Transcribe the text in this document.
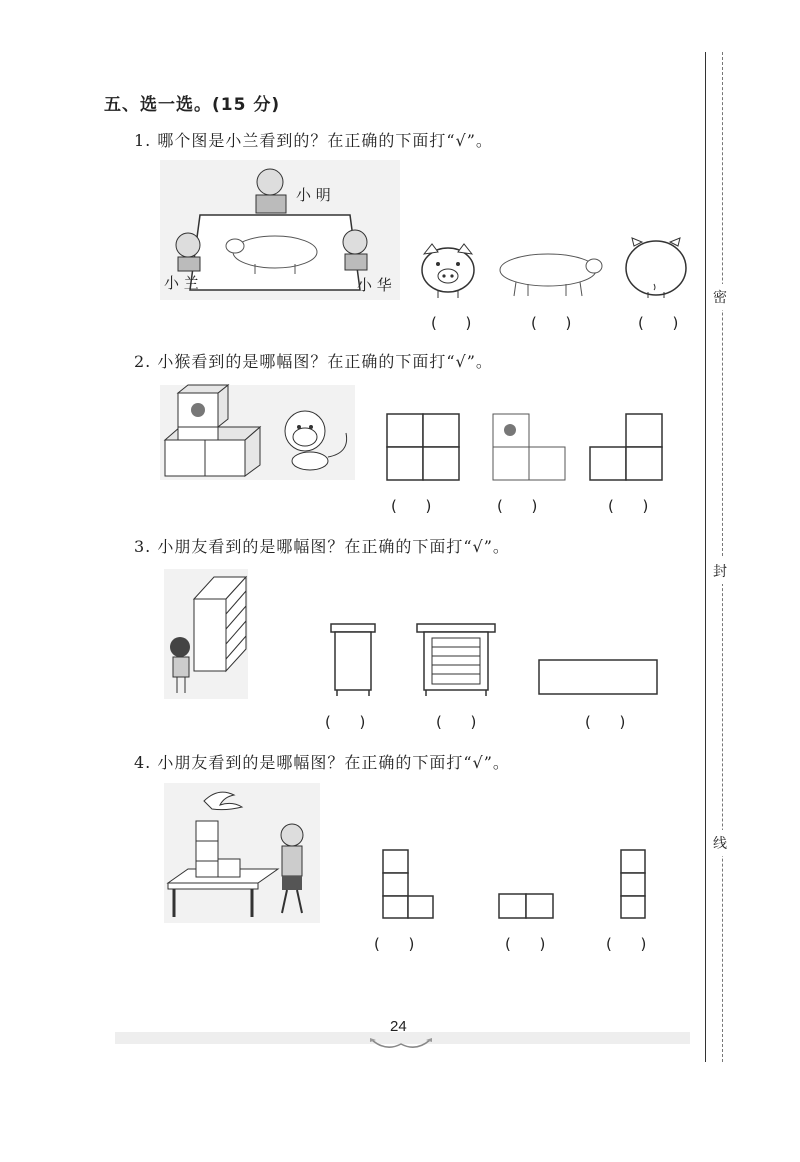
五、选一选。(15 分)
1. 哪个图是小兰看到的？在正确的下面打“√”。
小 明
小 兰	小 华
(      )	(      )	(      )
2. 小猴看到的是哪幅图？在正确的下面打“√”。
(      )	(      )	(      )
3. 小朋友看到的是哪幅图？在正确的下面打“√”。
(      )	(      )	(      )
4. 小朋友看到的是哪幅图？在正确的下面打“√”。
(      )	(      )	(      )
密
封
线
24
